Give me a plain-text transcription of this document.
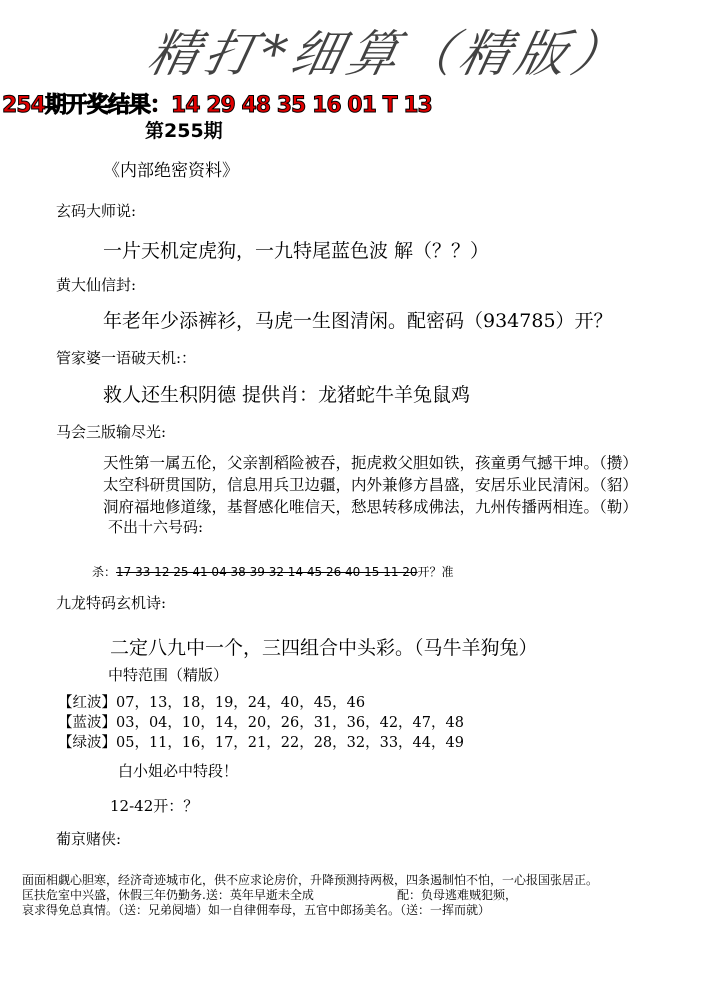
精打*细算（精版）
254期开奖结果：14 29 48 35 16 01 T 13
第255期
《内部绝密资料》
玄码大师说:
一片天机定虎狗，一九特尾蓝色波 解（？？）
黄大仙信封:
年老年少添裤衫，马虎一生图清闲。配密码（934785）开？
管家婆一语破天机:：
救人还生积阴德 提供肖：龙猪蛇牛羊兔鼠鸡
马会三版输尽光:
天性第一属五伦，父亲割稻险被吞，扼虎救父胆如铁，孩童勇气撼干坤。（攒）
太空科研贯国防，信息用兵卫边疆，内外兼修方昌盛，安居乐业民清闲。（貂）
洞府福地修道缘，基督感化唯信天，愁思转移成佛法，九州传播两相连。（勒）
不出十六号码:
杀：17 33 12 25 41 04 38 39 32 14 45 26 40 15 11 20开？准
九龙特码玄机诗:
二定八九中一个，三四组合中头彩。（马牛羊狗兔）
中特范围（精版）
【红波】07，13，18，19，24，40，45，46
【蓝波】03，04，10，14，20，26，31，36，42，47，48
【绿波】05，11，16，17，21，22，28，32，33，44，49
白小姐必中特段！
12-42开：？
葡京赌侠:
面面相觑心胆寒，经济奇迹城市化，供不应求论房价，升降预测持两极，四条遏制怕不怕，一心报国张居正。
匡扶危室中兴盛，休假三年仍勤务.送：英年早逝未全成	配：负母逃难贼犯频，
哀求得免总真情。（送：兄弟阋墙）如一自律佣奉母，五官中郎扬美名。（送：一挥而就）
